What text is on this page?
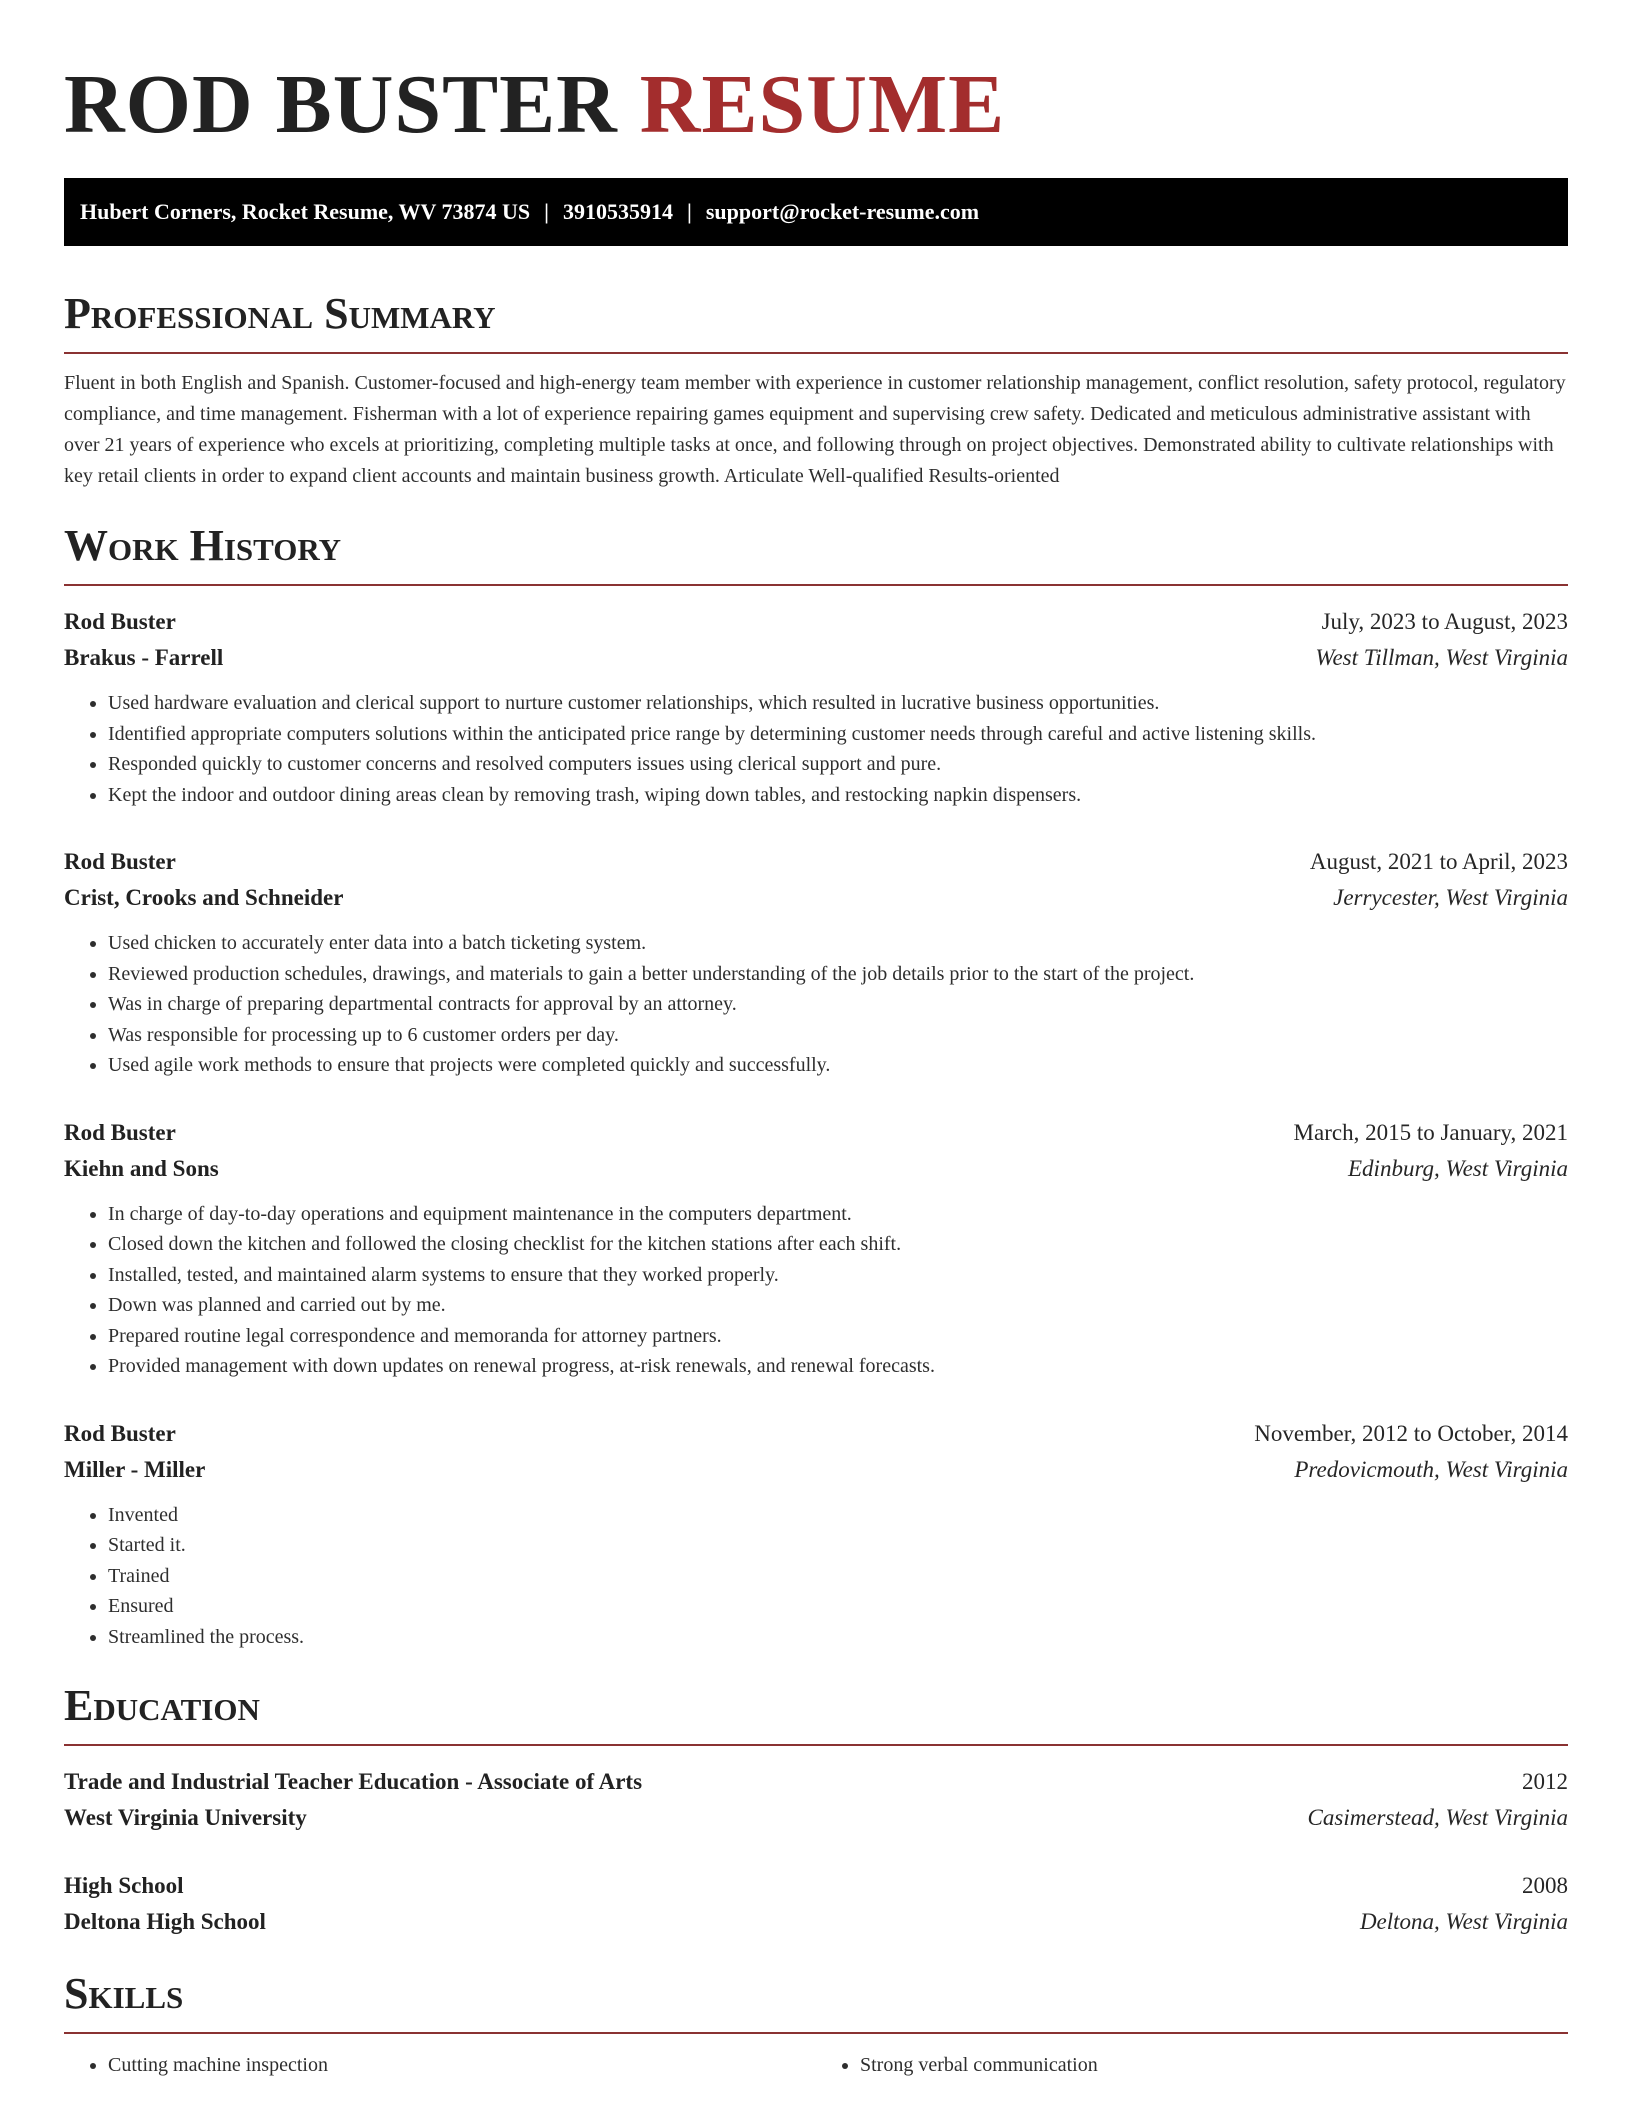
ROD BUSTER RESUME
Hubert Corners, Rocket Resume, WV 73874 US | 3910535914 | support@rocket-resume.com
Professional Summary

Fluent in both English and Spanish. Customer-focused and high-energy team member with experience in customer relationship management, conflict resolution, safety protocol, regulatory compliance, and time management. Fisherman with a lot of experience repairing games equipment and supervising crew safety. Dedicated and meticulous administrative assistant with over 21 years of experience who excels at prioritizing, completing multiple tasks at once, and following through on project objectives. Demonstrated ability to cultivate relationships with key retail clients in order to expand client accounts and maintain business growth. Articulate Well-qualified Results-oriented

Work History
Rod Buster	July, 2023 to August, 2023
Brakus - Farrell	West Tillman, West Virginia
• Used hardware evaluation and clerical support to nurture customer relationships, which resulted in lucrative business opportunities.
• Identified appropriate computers solutions within the anticipated price range by determining customer needs through careful and active listening skills.
• Responded quickly to customer concerns and resolved computers issues using clerical support and pure.
• Kept the indoor and outdoor dining areas clean by removing trash, wiping down tables, and restocking napkin dispensers.
Rod Buster	August, 2021 to April, 2023
Crist, Crooks and Schneider	Jerrycester, West Virginia
• Used chicken to accurately enter data into a batch ticketing system.
• Reviewed production schedules, drawings, and materials to gain a better understanding of the job details prior to the start of the project.
• Was in charge of preparing departmental contracts for approval by an attorney.
• Was responsible for processing up to 6 customer orders per day.
• Used agile work methods to ensure that projects were completed quickly and successfully.
Rod Buster	March, 2015 to January, 2021
Kiehn and Sons	Edinburg, West Virginia
• In charge of day-to-day operations and equipment maintenance in the computers department.
• Closed down the kitchen and followed the closing checklist for the kitchen stations after each shift.
• Installed, tested, and maintained alarm systems to ensure that they worked properly.
• Down was planned and carried out by me.
• Prepared routine legal correspondence and memoranda for attorney partners.
• Provided management with down updates on renewal progress, at-risk renewals, and renewal forecasts.
Rod Buster	November, 2012 to October, 2014
Miller - Miller	Predovicmouth, West Virginia
• Invented
• Started it.
• Trained
• Ensured
• Streamlined the process.
Education
Trade and Industrial Teacher Education - Associate of Arts	2012
West Virginia University	Casimerstead, West Virginia
High School	2008
Deltona High School	Deltona, West Virginia
Skills
• Cutting machine inspection
•	Strong verbal communication
